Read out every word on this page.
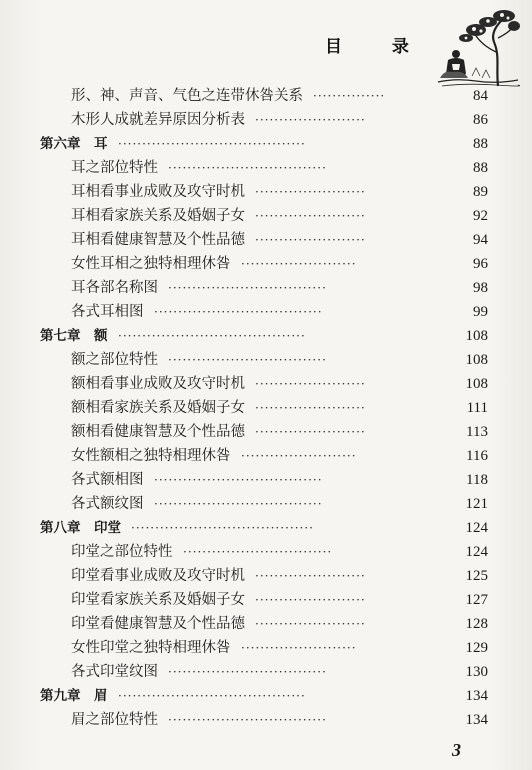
目 录
形、神、声音、气色之连带休咎关系 ···············	84
木形人成就差异原因分析表 ·······················	86
第六章　耳 ·······································	88
耳之部位特性 ·································	88
耳相看事业成败及攻守时机 ·······················	89
耳相看家族关系及婚姻子女 ·······················	92
耳相看健康智慧及个性品德 ·······················	94
女性耳相之独特相理休咎 ························	96
耳各部名称图 ·································	98
各式耳相图 ···································	99
第七章　额 ·······································	108
额之部位特性 ·································	108
额相看事业成败及攻守时机 ·······················	108
额相看家族关系及婚姻子女 ·······················	111
额相看健康智慧及个性品德 ·······················	113
女性额相之独特相理休咎 ························	116
各式额相图 ···································	118
各式额纹图 ···································	121
第八章　印堂 ······································	124
印堂之部位特性 ·······························	124
印堂看事业成败及攻守时机 ·······················	125
印堂看家族关系及婚姻子女 ·······················	127
印堂看健康智慧及个性品德 ·······················	128
女性印堂之独特相理休咎 ························	129
各式印堂纹图 ·································	130
第九章　眉 ·······································	134
眉之部位特性 ·································	134
3
